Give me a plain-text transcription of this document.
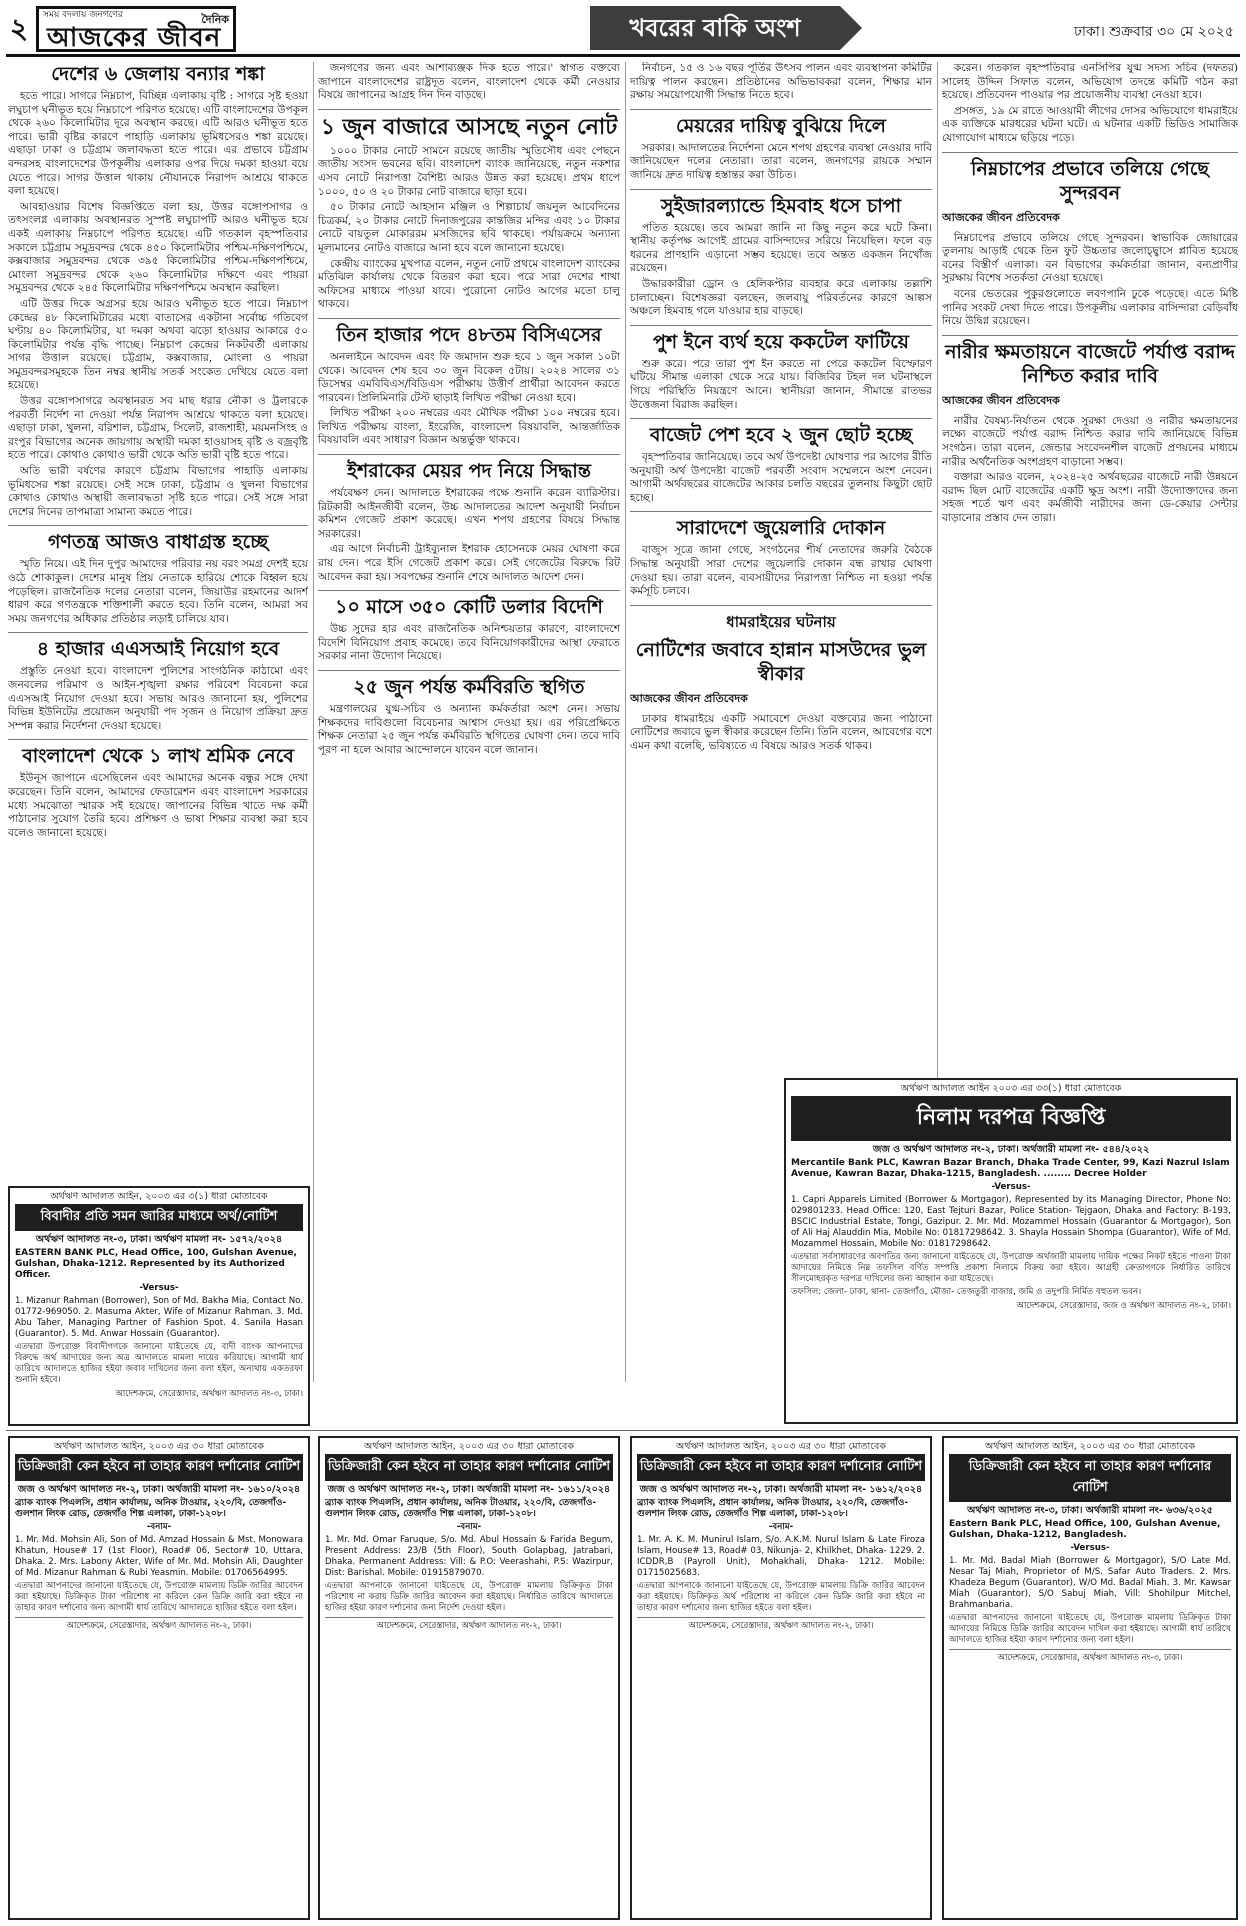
২	সময় বদলায় জনগণের	দৈনিক
আজকের জীবন	খবরের বাকি অংশ	ঢাকা। শুক্রবার ৩০ মে ২০২৫
দেশের ৬ জেলায় বন্যার শঙ্কা

হতে পারে। সাগরে নিম্নচাপ, বিচ্ছিন্ন এলাকায় বৃষ্টি : সাগরে সৃষ্ট হওয়া লঘুচাপ ঘনীভূত হয়ে নিম্নচাপে পরিণত হয়েছে। এটি বাংলাদেশের উপকূল থেকে ২৬০ কিলোমিটার দূরে অবস্থান করছে। এটি আরও ঘনীভূত হতে পারে। ভারী বৃষ্টির কারণে পাহাড়ি এলাকায় ভূমিধসেরও শঙ্কা রয়েছে। এছাড়া ঢাকা ও চট্টগ্রাম জলাবদ্ধতা হতে পারে। এর প্রভাবে চট্টগ্রাম বন্দরসহ বাংলাদেশের উপকূলীয় এলাকার ওপর দিয়ে দমকা হাওয়া বয়ে যেতে পারে। সাগর উত্তাল থাকায় নৌযানকে নিরাপদ আশ্রয়ে থাকতে বলা হয়েছে।

আবহাওয়ার বিশেষ বিজ্ঞপ্তিতে বলা হয়, উত্তর বঙ্গোপসাগর ও তৎসংলগ্ন এলাকায় অবস্থানরত সুস্পষ্ট লঘুচাপটি আরও ঘনীভূত হয়ে একই এলাকায় নিম্নচাপে পরিণত হয়েছে। এটি গতকাল বৃহস্পতিবার সকালে চট্টগ্রাম সমুদ্রবন্দর থেকে ৪৫০ কিলোমিটার পশ্চিম-দক্ষিণপশ্চিমে, কক্সবাজার সমুদ্রবন্দর থেকে ৩৯৫ কিলোমিটার পশ্চিম-দক্ষিণপশ্চিমে, মোংলা সমুদ্রবন্দর থেকে ২৬০ কিলোমিটার দক্ষিণে এবং পায়রা সমুদ্রবন্দর থেকে ২৪৫ কিলোমিটার দক্ষিণপশ্চিমে অবস্থান করছিল।

এটি উত্তর দিকে অগ্রসর হয়ে আরও ঘনীভূত হতে পারে। নিম্নচাপ কেন্দ্রের ৪৮ কিলোমিটারের মধ্যে বাতাসের একটানা সর্বোচ্চ গতিবেগ ঘণ্টায় ৪০ কিলোমিটার, যা দমকা অথবা ঝড়ো হাওয়ার আকারে ৫০ কিলোমিটার পর্যন্ত বৃদ্ধি পাচ্ছে। নিম্নচাপ কেন্দ্রের নিকটবর্তী এলাকায় সাগর উত্তাল রয়েছে। চট্টগ্রাম, কক্সবাজার, মোংলা ও পায়রা সমুদ্রবন্দরসমূহকে তিন নম্বর স্থানীয় সতর্ক সংকেত দেখিয়ে যেতে বলা হয়েছে।

উত্তর বঙ্গোপসাগরে অবস্থানরত সব মাছ ধরার নৌকা ও ট্রলারকে পরবর্তী নির্দেশ না দেওয়া পর্যন্ত নিরাপদ আশ্রয়ে থাকতে বলা হয়েছে। এছাড়া ঢাকা, খুলনা, বরিশাল, চট্টগ্রাম, সিলেট, রাজশাহী, ময়মনসিংহ ও রংপুর বিভাগের অনেক জায়গায় অস্থায়ী দমকা হাওয়াসহ বৃষ্টি ও বজ্রবৃষ্টি হতে পারে। কোথাও কোথাও ভারী থেকে অতি ভারী বৃষ্টি হতে পারে।

অতি ভারী বর্ষণের কারণে চট্টগ্রাম বিভাগের পাহাড়ি এলাকায় ভূমিধসের শঙ্কা রয়েছে। সেই সঙ্গে ঢাকা, চট্টগ্রাম ও খুলনা বিভাগের কোথাও কোথাও অস্থায়ী জলাবদ্ধতা সৃষ্টি হতে পারে। সেই সঙ্গে সারা দেশের দিনের তাপমাত্রা সামান্য কমতে পারে।

গণতন্ত্র আজও বাধাগ্রস্ত হচ্ছে

স্মৃতি নিয়ে। এই দিন দুপুর আমাদের পরিবার নয় বরং সমগ্র দেশই হয়ে ওঠে শোকাকুল। দেশের মানুষ প্রিয় নেতাকে হারিয়ে শোকে বিহ্বল হয়ে পড়েছিল। রাজনৈতিক দলের নেতারা বলেন, জিয়াউর রহমানের আদর্শ ধারণ করে গণতন্ত্রকে শক্তিশালী করতে হবে। তিনি বলেন, আমরা সব সময় জনগণের অধিকার প্রতিষ্ঠার লড়াই চালিয়ে যাব।

৪ হাজার এএসআই নিয়োগ হবে

প্রস্তুতি নেওয়া হবে। বাংলাদেশ পুলিশের সাংগঠনিক কাঠামো এবং জনবলের পরিমাণ ও আইন-শৃঙ্খলা রক্ষার পরিবেশ বিবেচনা করে এএসআই নিয়োগ দেওয়া হবে। সভায় আরও জানানো হয়, পুলিশের বিভিন্ন ইউনিটের প্রয়োজন অনুযায়ী পদ সৃজন ও নিয়োগ প্রক্রিয়া দ্রুত সম্পন্ন করার নির্দেশনা দেওয়া হয়েছে।

বাংলাদেশ থেকে ১ লাখ শ্রমিক নেবে

ইউনূস জাপানে এসেছিলেন এবং আমাদের অনেক বন্ধুর সঙ্গে দেখা করেছেন। তিনি বলেন, আমাদের ফেডারেশন এবং বাংলাদেশ সরকারের মধ্যে সমঝোতা স্মারক সই হয়েছে। জাপানের বিভিন্ন খাতে দক্ষ কর্মী পাঠানোর সুযোগ তৈরি হবে। প্রশিক্ষণ ও ভাষা শিক্ষার ব্যবস্থা করা হবে বলেও জানানো হয়েছে।

অর্থঋণ আদালত আইন, ২০০৩ এর ৩(১) ধারা মোতাবেক

বিবাদীর প্রতি সমন জারির মাধ্যমে অর্থ/নোটিশ

অর্থঋণ আদালত নং-৩, ঢাকা। অর্থঋণ মামলা নং- ১৫৭২/২০২৪

EASTERN BANK PLC, Head Office, 100, Gulshan Avenue, Gulshan, Dhaka-1212. Represented by its Authorized Officer.

-Versus-

1. Mizanur Rahman (Borrower), Son of Md. Bakha Mia, Contact No. 01772-969050. 2. Masuma Akter, Wife of Mizanur Rahman. 3. Md. Abu Taher, Managing Partner of Fashion Spot. 4. Sanila Hasan (Guarantor). 5. Md. Anwar Hossain (Guarantor).

এতদ্বারা উপরোক্ত বিবাদীগণকে জানানো যাইতেছে যে, বাদী ব্যাংক আপনাদের বিরুদ্ধে অর্থ আদায়ের জন্য অত্র আদালতে মামলা দায়ের করিয়াছে। আগামী ধার্য তারিখে আদালতে হাজির হইয়া জবাব দাখিলের জন্য বলা হইল, অন্যথায় একতরফা শুনানি হইবে।

আদেশক্রমে, সেরেস্তাদার, অর্থঋণ আদালত নং-৩, ঢাকা।

জনগণের জন্য এবং আশাব্যঞ্জক দিক হতে পারে।' স্বাগত বক্তব্যে জাপানে বাংলাদেশের রাষ্ট্রদূত বলেন, বাংলাদেশ থেকে কর্মী নেওয়ার বিষয়ে জাপানের আগ্রহ দিন দিন বাড়ছে।

১ জুন বাজারে আসছে নতুন নোট

১০০০ টাকার নোটে সামনে রয়েছে জাতীয় স্মৃতিসৌধ এবং পেছনে জাতীয় সংসদ ভবনের ছবি। বাংলাদেশ ব্যাংক জানিয়েছে, নতুন নকশার এসব নোটে নিরাপত্তা বৈশিষ্ট্য আরও উন্নত করা হয়েছে। প্রথম ধাপে ১০০০, ৫০ ও ২০ টাকার নোট বাজারে ছাড়া হবে।

৫০ টাকার নোটে আহসান মঞ্জিল ও শিল্পাচার্য জয়নুল আবেদিনের চিত্রকর্ম, ২০ টাকার নোটে দিনাজপুরের কান্তজির মন্দির এবং ১০ টাকার নোটে বায়তুল মোকাররম মসজিদের ছবি থাকছে। পর্যায়ক্রমে অন্যান্য মূল্যমানের নোটও বাজারে আনা হবে বলে জানানো হয়েছে।

কেন্দ্রীয় ব্যাংকের মুখপাত্র বলেন, নতুন নোট প্রথমে বাংলাদেশ ব্যাংকের মতিঝিল কার্যালয় থেকে বিতরণ করা হবে। পরে সারা দেশের শাখা অফিসের মাধ্যমে পাওয়া যাবে। পুরোনো নোটও আগের মতো চালু থাকবে।

তিন হাজার পদে ৪৮তম বিসিএসের

অনলাইনে আবেদন এবং ফি জমাদান শুরু হবে ১ জুন সকাল ১০টা থেকে। আবেদন শেষ হবে ৩০ জুন বিকেল ৫টায়। ২০২৪ সালের ৩১ ডিসেম্বর এমবিবিএস/বিডিএস পরীক্ষায় উত্তীর্ণ প্রার্থীরা আবেদন করতে পারবেন। প্রিলিমিনারি টেস্ট ছাড়াই লিখিত পরীক্ষা নেওয়া হবে।

লিখিত পরীক্ষা ২০০ নম্বরের এবং মৌখিক পরীক্ষা ১০০ নম্বরের হবে। লিখিত পরীক্ষায় বাংলা, ইংরেজি, বাংলাদেশ বিষয়াবলি, আন্তর্জাতিক বিষয়াবলি এবং সাধারণ বিজ্ঞান অন্তর্ভুক্ত থাকবে।

ইশরাকের মেয়র পদ নিয়ে সিদ্ধান্ত

পর্যবেক্ষণ দেন। আদালতে ইশরাকের পক্ষে শুনানি করেন ব্যারিস্টার। রিটকারী আইনজীবী বলেন, উচ্চ আদালতের আদেশ অনুযায়ী নির্বাচন কমিশন গেজেট প্রকাশ করেছে। এখন শপথ গ্রহণের বিষয়ে সিদ্ধান্ত সরকারের।

এর আগে নির্বাচনী ট্রাইব্যুনাল ইশরাক হোসেনকে মেয়র ঘোষণা করে রায় দেন। পরে ইসি গেজেট প্রকাশ করে। সেই গেজেটের বিরুদ্ধে রিট আবেদন করা হয়। সবপক্ষের শুনানি শেষে আদালত আদেশ দেন।

১০ মাসে ৩৫০ কোটি ডলার বিদেশি

উচ্চ সুদের হার এবং রাজনৈতিক অনিশ্চয়তার কারণে, বাংলাদেশে বিদেশি বিনিয়োগ প্রবাহ কমেছে। তবে বিনিয়োগকারীদের আস্থা ফেরাতে সরকার নানা উদ্যোগ নিয়েছে।

২৫ জুন পর্যন্ত কর্মবিরতি স্থগিত

মন্ত্রণালয়ের যুগ্ম-সচিব ও অন্যান্য কর্মকর্তারা অংশ নেন। সভায় শিক্ষকদের দাবিগুলো বিবেচনার আশ্বাস দেওয়া হয়। এর পরিপ্রেক্ষিতে শিক্ষক নেতারা ২৫ জুন পর্যন্ত কর্মবিরতি স্থগিতের ঘোষণা দেন। তবে দাবি পূরণ না হলে আবার আন্দোলনে যাবেন বলে জানান।

নির্বাচন, ১৫ ও ১৬ বছর পূর্তির উৎসব পালন এবং ব্যবস্থাপনা কমিটির দায়িত্ব পালন করছেন। প্রতিষ্ঠানের অভিভাবকরা বলেন, শিক্ষার মান রক্ষায় সময়োপযোগী সিদ্ধান্ত নিতে হবে।

মেয়রের দায়িত্ব বুঝিয়ে দিলে

সরকার। আদালতের নির্দেশনা মেনে শপথ গ্রহণের ব্যবস্থা নেওয়ার দাবি জানিয়েছেন দলের নেতারা। তারা বলেন, জনগণের রায়কে সম্মান জানিয়ে দ্রুত দায়িত্ব হস্তান্তর করা উচিত।

সুইজারল্যান্ডে হিমবাহ ধসে চাপা

পতিত হয়েছে। তবে আমরা জানি না কিছু নতুন করে ঘটে কিনা। স্থানীয় কর্তৃপক্ষ আগেই গ্রামের বাসিন্দাদের সরিয়ে নিয়েছিল। ফলে বড় ধরনের প্রাণহানি এড়ানো সম্ভব হয়েছে। তবে অন্তত একজন নিখোঁজ রয়েছেন।

উদ্ধারকারীরা ড্রোন ও হেলিকপ্টার ব্যবহার করে এলাকায় তল্লাশি চালাচ্ছেন। বিশেষজ্ঞরা বলছেন, জলবায়ু পরিবর্তনের কারণে আল্পস অঞ্চলে হিমবাহ গলে যাওয়ার হার বাড়ছে।

পুশ ইনে ব্যর্থ হয়ে ককটেল ফাটিয়ে

শুরু করে। পরে তারা পুশ ইন করতে না পেরে ককটেল বিস্ফোরণ ঘটিয়ে সীমান্ত এলাকা থেকে সরে যায়। বিজিবির টহল দল ঘটনাস্থলে গিয়ে পরিস্থিতি নিয়ন্ত্রণে আনে। স্থানীয়রা জানান, সীমান্তে রাতভর উত্তেজনা বিরাজ করছিল।

বাজেট পেশ হবে ২ জুন ছোট হচ্ছে

বৃহস্পতিবার জানিয়েছে। তবে অর্থ উপদেষ্টা ঘোষণার পর আগের রীতি অনুযায়ী অর্থ উপদেষ্টা বাজেট পরবর্তী সংবাদ সম্মেলনে অংশ নেবেন। আগামী অর্থবছরের বাজেটের আকার চলতি বছরের তুলনায় কিছুটা ছোট হচ্ছে।

সারাদেশে জুয়েলারি দোকান

বাজুস সূত্রে জানা গেছে, সংগঠনের শীর্ষ নেতাদের জরুরি বৈঠকে সিদ্ধান্ত অনুযায়ী সারা দেশের জুয়েলারি দোকান বন্ধ রাখার ঘোষণা দেওয়া হয়। তারা বলেন, ব্যবসায়ীদের নিরাপত্তা নিশ্চিত না হওয়া পর্যন্ত কর্মসূচি চলবে।

ধামরাইয়ের ঘটনায়
নোটিশের জবাবে হান্নান মাসউদের ভুল স্বীকার
আজকের জীবন প্রতিবেদক

ঢাকার ধামরাইয়ে একটি সমাবেশে দেওয়া বক্তব্যের জন্য পাঠানো নোটিশের জবাবে ভুল স্বীকার করেছেন তিনি। তিনি বলেন, আবেগের বশে এমন কথা বলেছি, ভবিষ্যতে এ বিষয়ে আরও সতর্ক থাকব।

করেন। গতকাল বৃহস্পতিবার এনসিপির যুগ্ম সদস্য সচিব (দফতর) সালেহ উদ্দিন সিফাত বলেন, অভিযোগ তদন্তে কমিটি গঠন করা হয়েছে। প্রতিবেদন পাওয়ার পর প্রয়োজনীয় ব্যবস্থা নেওয়া হবে।

প্রসঙ্গত, ১৯ মে রাতে আওয়ামী লীগের দোসর অভিযোগে ধামরাইয়ে এক ব্যক্তিকে মারধরের ঘটনা ঘটে। এ ঘটনার একটি ভিডিও সামাজিক যোগাযোগ মাধ্যমে ছড়িয়ে পড়ে।

নিম্নচাপের প্রভাবে তলিয়ে গেছে সুন্দরবন
আজকের জীবন প্রতিবেদক

নিম্নচাপের প্রভাবে তলিয়ে গেছে সুন্দরবন। স্বাভাবিক জোয়ারের তুলনায় আড়াই থেকে তিন ফুট উচ্চতার জলোচ্ছ্বাসে প্লাবিত হয়েছে বনের বিস্তীর্ণ এলাকা। বন বিভাগের কর্মকর্তারা জানান, বন্যপ্রাণীর সুরক্ষায় বিশেষ সতর্কতা নেওয়া হয়েছে।

বনের ভেতরের পুকুরগুলোতে লবণপানি ঢুকে পড়েছে। এতে মিষ্টি পানির সংকট দেখা দিতে পারে। উপকূলীয় এলাকার বাসিন্দারা বেড়িবাঁধ নিয়ে উদ্বিগ্ন রয়েছেন।

নারীর ক্ষমতায়নে বাজেটে পর্যাপ্ত বরাদ্দ নিশ্চিত করার দাবি
আজকের জীবন প্রতিবেদক

নারীর বৈষম্য-নির্যাতন থেকে সুরক্ষা দেওয়া ও নারীর ক্ষমতায়নের লক্ষ্যে বাজেটে পর্যাপ্ত বরাদ্দ নিশ্চিত করার দাবি জানিয়েছে বিভিন্ন সংগঠন। তারা বলেন, জেন্ডার সংবেদনশীল বাজেট প্রণয়নের মাধ্যমে নারীর অর্থনৈতিক অংশগ্রহণ বাড়ানো সম্ভব।

বক্তারা আরও বলেন, ২০২৪-২৫ অর্থবছরের বাজেটে নারী উন্নয়নে বরাদ্দ ছিল মোট বাজেটের একটি ক্ষুদ্র অংশ। নারী উদ্যোক্তাদের জন্য সহজ শর্তে ঋণ এবং কর্মজীবী নারীদের জন্য ডে-কেয়ার সেন্টার বাড়ানোর প্রস্তাব দেন তারা।

অর্থঋণ আদালত আইন ২০০৩ এর ৩৩(১) ধারা মোতাবেক

নিলাম দরপত্র বিজ্ঞপ্তি

জজ ও অর্থঋণ আদালত নং-২, ঢাকা। অর্থজারী মামলা নং- ৫৪৪/২০২২

Mercantile Bank PLC, Kawran Bazar Branch, Dhaka Trade Center, 99, Kazi Nazrul Islam Avenue, Kawran Bazar, Dhaka-1215, Bangladesh. ........ Decree Holder

-Versus-

1. Capri Apparels Limited (Borrower & Mortgagor), Represented by its Managing Director, Phone No: 029801233. Head Office: 120, East Tejturi Bazar, Police Station- Tejgaon, Dhaka and Factory: B-193, BSCIC Industrial Estate, Tongi, Gazipur. 2. Mr. Md. Mozammel Hossain (Guarantor & Mortgagor), Son of Ali Haj Alauddin Mia, Mobile No: 01817298642. 3. Shayla Hossain Shompa (Guarantor), Wife of Md. Mozammel Hossain, Mobile No: 01817298642.

এতদ্বারা সর্বসাধারণের অবগতির জন্য জানানো যাইতেছে যে, উপরোক্ত অর্থজারী মামলায় দায়িক পক্ষের নিকট হইতে পাওনা টাকা আদায়ের নিমিত্তে নিম্ন তফসিল বর্ণিত সম্পত্তি প্রকাশ্য নিলামে বিক্রয় করা হইবে। আগ্রহী ক্রেতাগণকে নির্ধারিত তারিখে সীলমোহরকৃত দরপত্র দাখিলের জন্য আহ্বান করা যাইতেছে।

তফসিল: জেলা- ঢাকা, থানা- তেজগাঁও, মৌজা- তেজতুরী বাজার, জমি ও তদুপরি নির্মিত বহুতল ভবন।

আদেশক্রমে, সেরেস্তাদার, জজ ও অর্থঋণ আদালত নং-২, ঢাকা।

অর্থঋণ আদালত আইন, ২০০৩ এর ৩০ ধারা মোতাবেক

ডিক্রিজারী কেন হইবে না তাহার কারণ দর্শানোর নোটিশ

জজ ও অর্থঋণ আদালত নং-২, ঢাকা। অর্থজারী মামলা নং- ১৬১০/২০২৪

ব্র্যাক ব্যাংক পিএলসি, প্রধান কার্যালয়, অনিক টাওয়ার, ২২০/বি, তেজগাঁও-গুলশান লিংক রোড, তেজগাঁও শিল্প এলাকা, ঢাকা-১২০৮।

-বনাম-

1. Mr. Md. Mohsin Ali, Son of Md. Amzad Hossain & Mst. Monowara Khatun, House# 17 (1st Floor), Road# 06, Sector# 10, Uttara, Dhaka. 2. Mrs. Labony Akter, Wife of Mr. Md. Mohsin Ali, Daughter of Md. Mizanur Rahman & Rubi Yeasmin. Mobile: 01706564995.

এতদ্বারা আপনাদের জানানো যাইতেছে যে, উপরোক্ত মামলায় ডিক্রি জারির আবেদন করা হইয়াছে। ডিক্রিকৃত টাকা পরিশোধ না করিলে কেন ডিক্রি জারি করা হইবে না তাহার কারণ দর্শানোর জন্য আগামী ধার্য তারিখে আদালতে হাজির হইতে বলা হইল।

আদেশক্রমে, সেরেস্তাদার, অর্থঋণ আদালত নং-২, ঢাকা।

অর্থঋণ আদালত আইন, ২০০৩ এর ৩০ ধারা মোতাবেক

ডিক্রিজারী কেন হইবে না তাহার কারণ দর্শানোর নোটিশ

জজ ও অর্থঋণ আদালত নং-২, ঢাকা। অর্থজারী মামলা নং- ১৬১১/২০২৪

ব্র্যাক ব্যাংক পিএলসি, প্রধান কার্যালয়, অনিক টাওয়ার, ২২০/বি, তেজগাঁও-গুলশান লিংক রোড, তেজগাঁও শিল্প এলাকা, ঢাকা-১২০৮।

-বনাম-

1. Mr. Md. Omar Faruque, S/o. Md. Abul Hossain & Farida Begum, Present Address: 23/B (5th Floor), South Golapbag, Jatrabari, Dhaka. Permanent Address: Vill: & P.O: Veerashahi, P.S: Wazirpur, Dist: Barishal. Mobile: 01915879070.

এতদ্বারা আপনাকে জানানো যাইতেছে যে, উপরোক্ত মামলায় ডিক্রিকৃত টাকা পরিশোধ না করায় ডিক্রি জারির আবেদন করা হইয়াছে। নির্ধারিত তারিখে আদালতে হাজির হইয়া কারণ দর্শানোর জন্য নির্দেশ দেওয়া হইল।

আদেশক্রমে, সেরেস্তাদার, অর্থঋণ আদালত নং-২, ঢাকা।

অর্থঋণ আদালত আইন, ২০০৩ এর ৩০ ধারা মোতাবেক

ডিক্রিজারী কেন হইবে না তাহার কারণ দর্শানোর নোটিশ

জজ ও অর্থঋণ আদালত নং-২, ঢাকা। অর্থজারী মামলা নং- ১৬১২/২০২৪

ব্র্যাক ব্যাংক পিএলসি, প্রধান কার্যালয়, অনিক টাওয়ার, ২২০/বি, তেজগাঁও-গুলশান লিংক রোড, তেজগাঁও শিল্প এলাকা, ঢাকা-১২০৮।

-বনাম-

1. Mr. A. K. M. Munirul Islam, S/o. A.K.M. Nurul Islam & Late Firoza Islam, House# 13, Road# 03, Nikunja- 2, Khilkhet, Dhaka- 1229. 2. ICDDR,B (Payroll Unit), Mohakhali, Dhaka- 1212. Mobile: 01715025683.

এতদ্বারা আপনাকে জানানো যাইতেছে যে, উপরোক্ত মামলায় ডিক্রি জারির আবেদন করা হইয়াছে। ডিক্রিকৃত অর্থ পরিশোধ না করিলে কেন ডিক্রি জারি করা হইবে না তাহার কারণ দর্শানোর জন্য হাজির হইতে বলা হইল।

আদেশক্রমে, সেরেস্তাদার, অর্থঋণ আদালত নং-২, ঢাকা।

অর্থঋণ আদালত আইন, ২০০৩ এর ৩০ ধারা মোতাবেক

ডিক্রিজারী কেন হইবে না তাহার কারণ দর্শানোর নোটিশ

অর্থঋণ আদালত নং-৩, ঢাকা। অর্থজারী মামলা নং- ৬৩৬/২০২৫

Eastern Bank PLC, Head Office, 100, Gulshan Avenue, Gulshan, Dhaka-1212, Bangladesh.

-Versus-

1. Mr. Md. Badal Miah (Borrower & Mortgagor), S/O Late Md. Nesar Taj Miah, Proprietor of M/S. Safar Auto Traders. 2. Mrs. Khadeza Begum (Guarantor), W/O Md. Badal Miah. 3. Mr. Kawsar Miah (Guarantor), S/O Sabuj Miah, Vill: Shohilpur Mitchel, Brahmanbaria.

এতদ্বারা আপনাদের জানানো যাইতেছে যে, উপরোক্ত মামলায় ডিক্রিকৃত টাকা আদায়ের নিমিত্তে ডিক্রি জারির আবেদন দাখিল করা হইয়াছে। আগামী ধার্য তারিখে আদালতে হাজির হইয়া কারণ দর্শানোর জন্য বলা হইল।

আদেশক্রমে, সেরেস্তাদার, অর্থঋণ আদালত নং-৩, ঢাকা।
